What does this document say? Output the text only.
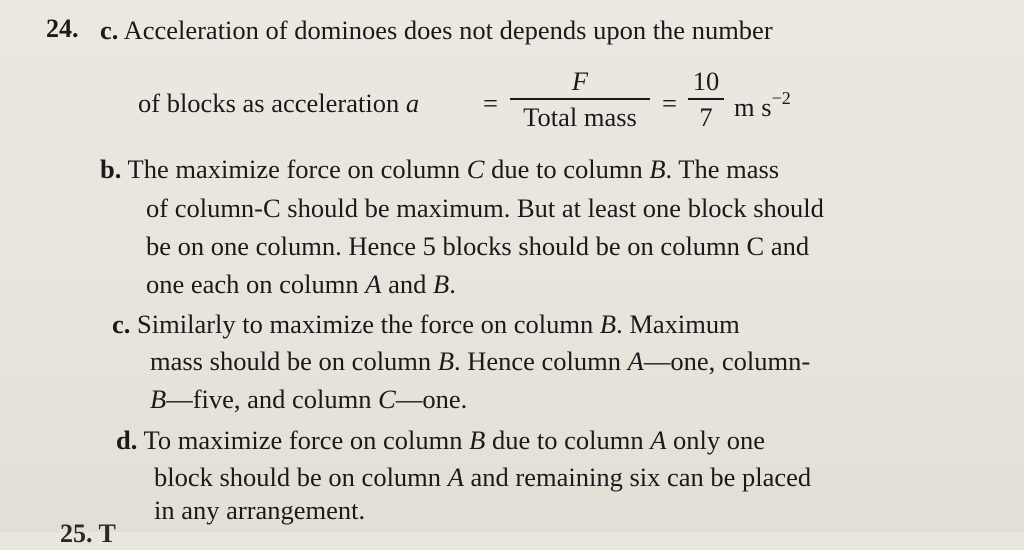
24. c. Acceleration of dominoes does not depends upon the number
of blocks as acceleration a =
F
Total mass =
10
7 m $s^{-2}$
b. The maximize force on column C due to column B. The mass
of column-C should be maximum. But at least one block should
be on one column. Hence 5 blocks should be on column C and
one each on column A and B.
c. Similarly to maximize the force on column B. Maximum
mass should be on column B. Hence column A—one, column-
B—five, and column C—one.
d. To maximize force on column B due to column A only one
block should be on column A and remaining six can be placed
in any arrangement.
25. T
